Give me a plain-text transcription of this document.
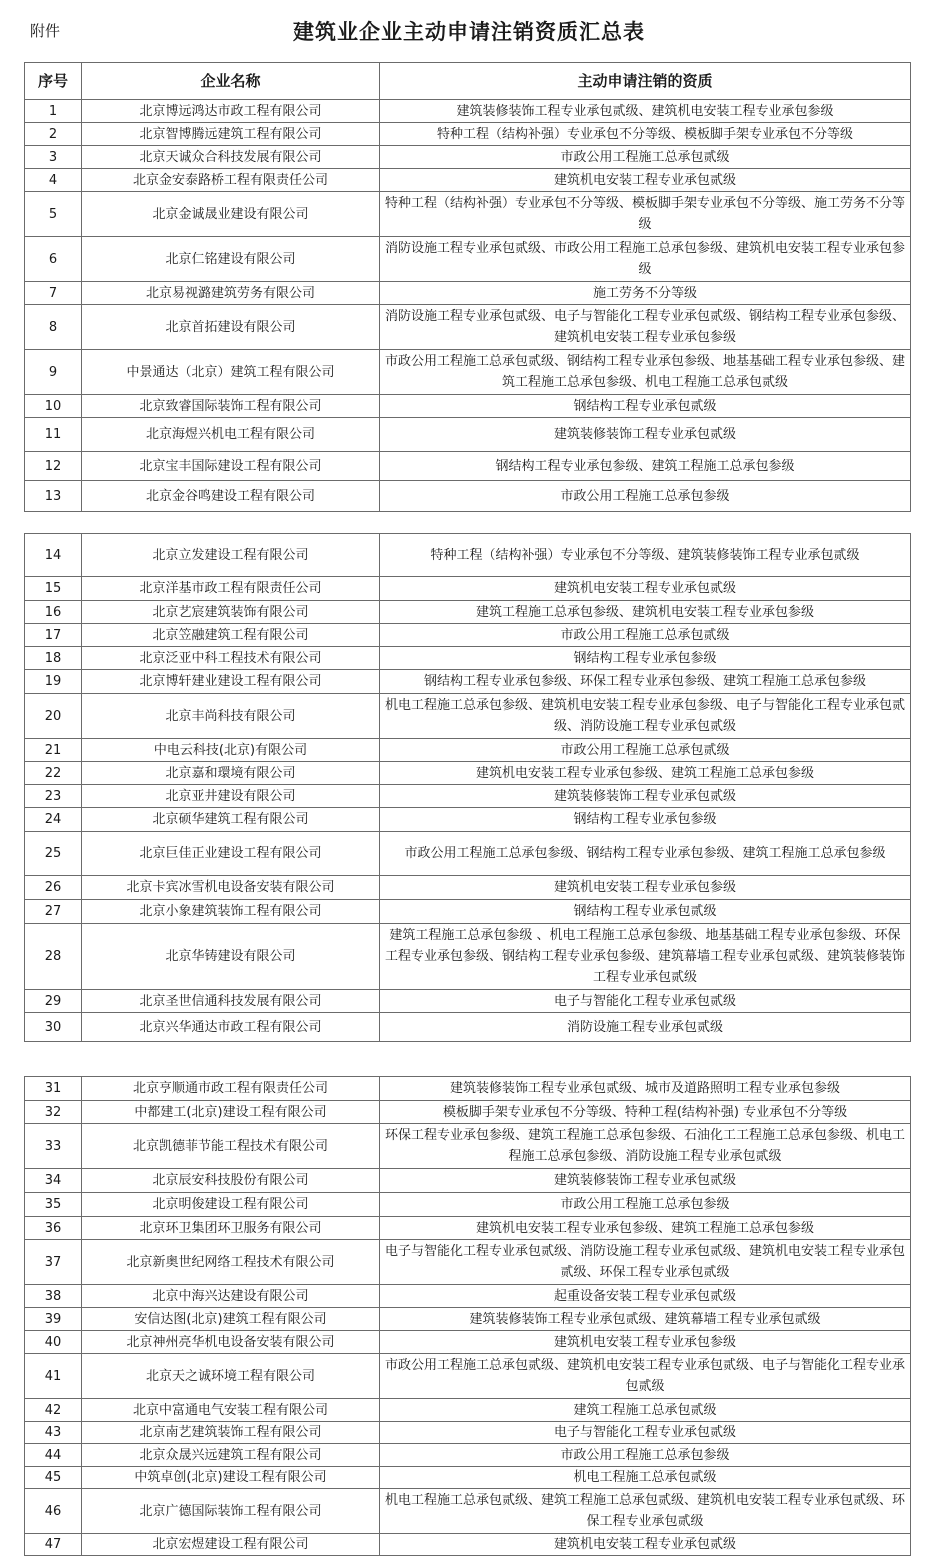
附件	建筑业企业主动申请注销资质汇总表
序号	企业名称	主动申请注销的资质
1	北京博远鸿达市政工程有限公司	建筑装修装饰工程专业承包贰级、建筑机电安装工程专业承包参级
2	北京智博腾远建筑工程有限公司	特种工程（结构补强）专业承包不分等级、模板脚手架专业承包不分等级
3	北京天诚众合科技发展有限公司	市政公用工程施工总承包贰级
4	北京金安泰路桥工程有限责任公司	建筑机电安装工程专业承包贰级
5	北京金诚晟业建设有限公司	特种工程（结构补强）专业承包不分等级、模板脚手架专业承包不分等级、施工劳务不分等级
6	北京仁铭建设有限公司	消防设施工程专业承包贰级、市政公用工程施工总承包参级、建筑机电安装工程专业承包参级
7	北京易视潞建筑劳务有限公司	施工劳务不分等级
8	北京首拓建设有限公司	消防设施工程专业承包贰级、电子与智能化工程专业承包贰级、钢结构工程专业承包参级、建筑机电安装工程专业承包参级
9	中景通达（北京）建筑工程有限公司	市政公用工程施工总承包贰级、钢结构工程专业承包参级、地基基础工程专业承包参级、建筑工程施工总承包参级、机电工程施工总承包贰级
10	北京致睿国际装饰工程有限公司	钢结构工程专业承包贰级
11	北京海煜兴机电工程有限公司	建筑装修装饰工程专业承包贰级
12	北京宝丰国际建设工程有限公司	钢结构工程专业承包参级、建筑工程施工总承包参级
13	北京金谷鸣建设工程有限公司	市政公用工程施工总承包参级
14	北京立发建设工程有限公司	特种工程（结构补强）专业承包不分等级、建筑装修装饰工程专业承包贰级
15	北京洋基市政工程有限责任公司	建筑机电安装工程专业承包贰级
16	北京艺宸建筑装饰有限公司	建筑工程施工总承包参级、建筑机电安装工程专业承包参级
17	北京笠融建筑工程有限公司	市政公用工程施工总承包贰级
18	北京泛亚中科工程技术有限公司	钢结构工程专业承包参级
19	北京博轩建业建设工程有限公司	钢结构工程专业承包参级、环保工程专业承包参级、建筑工程施工总承包参级
20	北京丰尚科技有限公司	机电工程施工总承包参级、建筑机电安装工程专业承包参级、电子与智能化工程专业承包贰级、消防设施工程专业承包贰级
21	中电云科技(北京)有限公司	市政公用工程施工总承包贰级
22	北京嘉和環境有限公司	建筑机电安装工程专业承包参级、建筑工程施工总承包参级
23	北京亚井建设有限公司	建筑装修装饰工程专业承包贰级
24	北京硕华建筑工程有限公司	钢结构工程专业承包参级
25	北京巨佳正业建设工程有限公司	市政公用工程施工总承包参级、钢结构工程专业承包参级、建筑工程施工总承包参级
26	北京卡宾冰雪机电设备安装有限公司	建筑机电安装工程专业承包参级
27	北京小象建筑装饰工程有限公司	钢结构工程专业承包贰级
28	北京华铸建设有限公司	建筑工程施工总承包参级 、机电工程施工总承包参级、地基基础工程专业承包参级、环保工程专业承包参级、钢结构工程专业承包参级、建筑幕墙工程专业承包贰级、建筑装修装饰工程专业承包贰级
29	北京圣世信通科技发展有限公司	电子与智能化工程专业承包贰级
30	北京兴华通达市政工程有限公司	消防设施工程专业承包贰级
31	北京亨顺通市政工程有限责任公司	建筑装修装饰工程专业承包贰级、城市及道路照明工程专业承包参级
32	中都建工(北京)建设工程有限公司	模板脚手架专业承包不分等级、特种工程(结构补强) 专业承包不分等级
33	北京凯德菲节能工程技术有限公司	环保工程专业承包参级、建筑工程施工总承包参级、石油化工工程施工总承包参级、机电工程施工总承包参级、消防设施工程专业承包贰级
34	北京辰安科技股份有限公司	建筑装修装饰工程专业承包贰级
35	北京明俊建设工程有限公司	市政公用工程施工总承包参级
36	北京环卫集团环卫服务有限公司	建筑机电安装工程专业承包参级、建筑工程施工总承包参级
37	北京新奥世纪网络工程技术有限公司	电子与智能化工程专业承包贰级、消防设施工程专业承包贰级、建筑机电安装工程专业承包贰级、环保工程专业承包贰级
38	北京中海兴达建设有限公司	起重设备安装工程专业承包贰级
39	安信达图(北京)建筑工程有限公司	建筑装修装饰工程专业承包贰级、建筑幕墙工程专业承包贰级
40	北京神州亮华机电设备安装有限公司	建筑机电安装工程专业承包参级
41	北京天之诚环境工程有限公司	市政公用工程施工总承包贰级、建筑机电安装工程专业承包贰级、电子与智能化工程专业承包贰级
42	北京中富通电气安装工程有限公司	建筑工程施工总承包贰级
43	北京南艺建筑装饰工程有限公司	电子与智能化工程专业承包贰级
44	北京众晟兴远建筑工程有限公司	市政公用工程施工总承包参级
45	中筑卓创(北京)建设工程有限公司	机电工程施工总承包贰级
46	北京广德国际装饰工程有限公司	机电工程施工总承包贰级、建筑工程施工总承包贰级、建筑机电安装工程专业承包贰级、环保工程专业承包贰级
47	北京宏煜建设工程有限公司	建筑机电安装工程专业承包贰级
